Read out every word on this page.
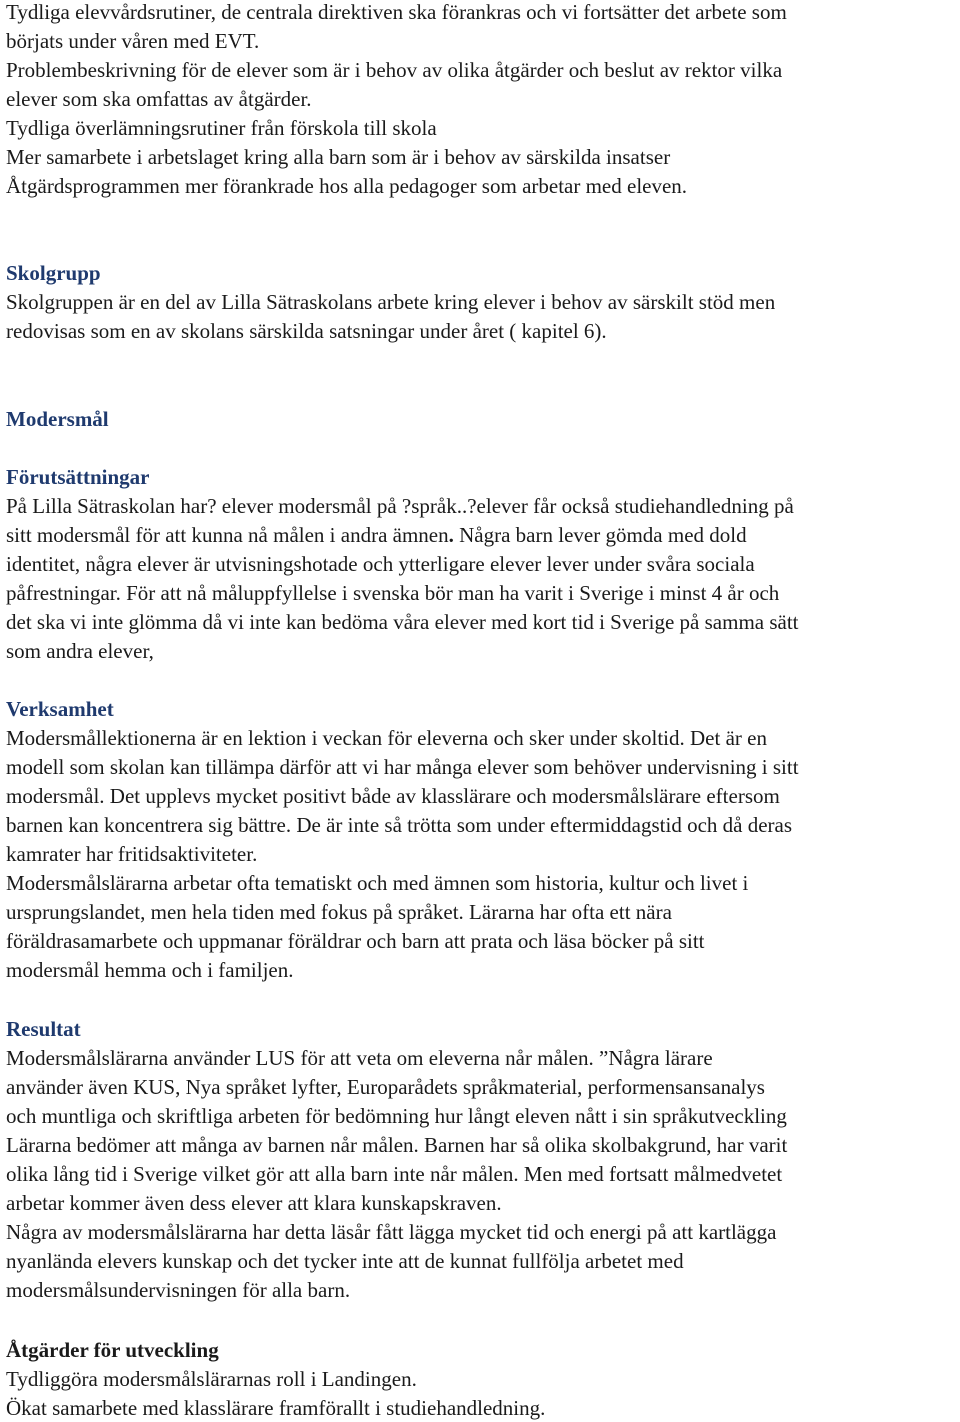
Tydliga elevvårdsrutiner, de centrala direktiven ska förankras och vi fortsätter det arbete som
börjats under våren med EVT.
Problembeskrivning för de elever som är i behov av olika åtgärder och beslut av rektor vilka
elever som ska omfattas av åtgärder.
Tydliga överlämningsrutiner från förskola till skola
Mer samarbete i arbetslaget kring alla barn som är i behov av särskilda insatser
Åtgärdsprogrammen mer förankrade hos alla pedagoger som arbetar med eleven.
Skolgrupp
Skolgruppen är en del av Lilla Sätraskolans arbete kring elever i behov av särskilt stöd men
redovisas som en av skolans särskilda satsningar under året ( kapitel 6).
Modersmål
Förutsättningar
På Lilla Sätraskolan har? elever modersmål på ?språk..?elever får också studiehandledning på
sitt modersmål för att kunna nå målen i andra ämnen. Några barn lever gömda med dold
identitet, några elever är utvisningshotade och ytterligare elever lever under svåra sociala
påfrestningar. För att nå måluppfyllelse i svenska bör man ha varit i Sverige i minst 4 år och
det ska vi inte glömma då vi inte kan bedöma våra elever med kort tid i Sverige på samma sätt
som andra elever,
Verksamhet
Modersmållektionerna är en lektion i veckan för eleverna och sker under skoltid. Det är en
modell som skolan kan tillämpa därför att vi har många elever som behöver undervisning i sitt
modersmål. Det upplevs mycket positivt både av klasslärare och modersmålslärare eftersom
barnen kan koncentrera sig bättre. De är inte så trötta som under eftermiddagstid och då deras
kamrater har fritidsaktiviteter.
Modersmålslärarna arbetar ofta tematiskt och med ämnen som historia, kultur och livet i
ursprungslandet, men hela tiden med fokus på språket. Lärarna har ofta ett nära
föräldrasamarbete och uppmanar föräldrar och barn att prata och läsa böcker på sitt
modersmål hemma och i familjen.
Resultat
Modersmålslärarna använder LUS för att veta om eleverna når målen. ”Några lärare
använder även KUS, Nya språket lyfter, Europarådets språkmaterial, performensansanalys
och muntliga och skriftliga arbeten för bedömning hur långt eleven nått i sin språkutveckling
Lärarna bedömer att många av barnen når målen. Barnen har så olika skolbakgrund, har varit
olika lång tid i Sverige vilket gör att alla barn inte når målen. Men med fortsatt målmedvetet
arbetar kommer även dess elever att klara kunskapskraven.
Några av modersmålslärarna har detta läsår fått lägga mycket tid och energi på att kartlägga
nyanlända elevers kunskap och det tycker inte att de kunnat fullfölja arbetet med
modersmålsundervisningen för alla barn.
Åtgärder för utveckling
Tydliggöra modersmålslärarnas roll i Landingen.
Ökat samarbete med klasslärare framförallt i studiehandledning.
